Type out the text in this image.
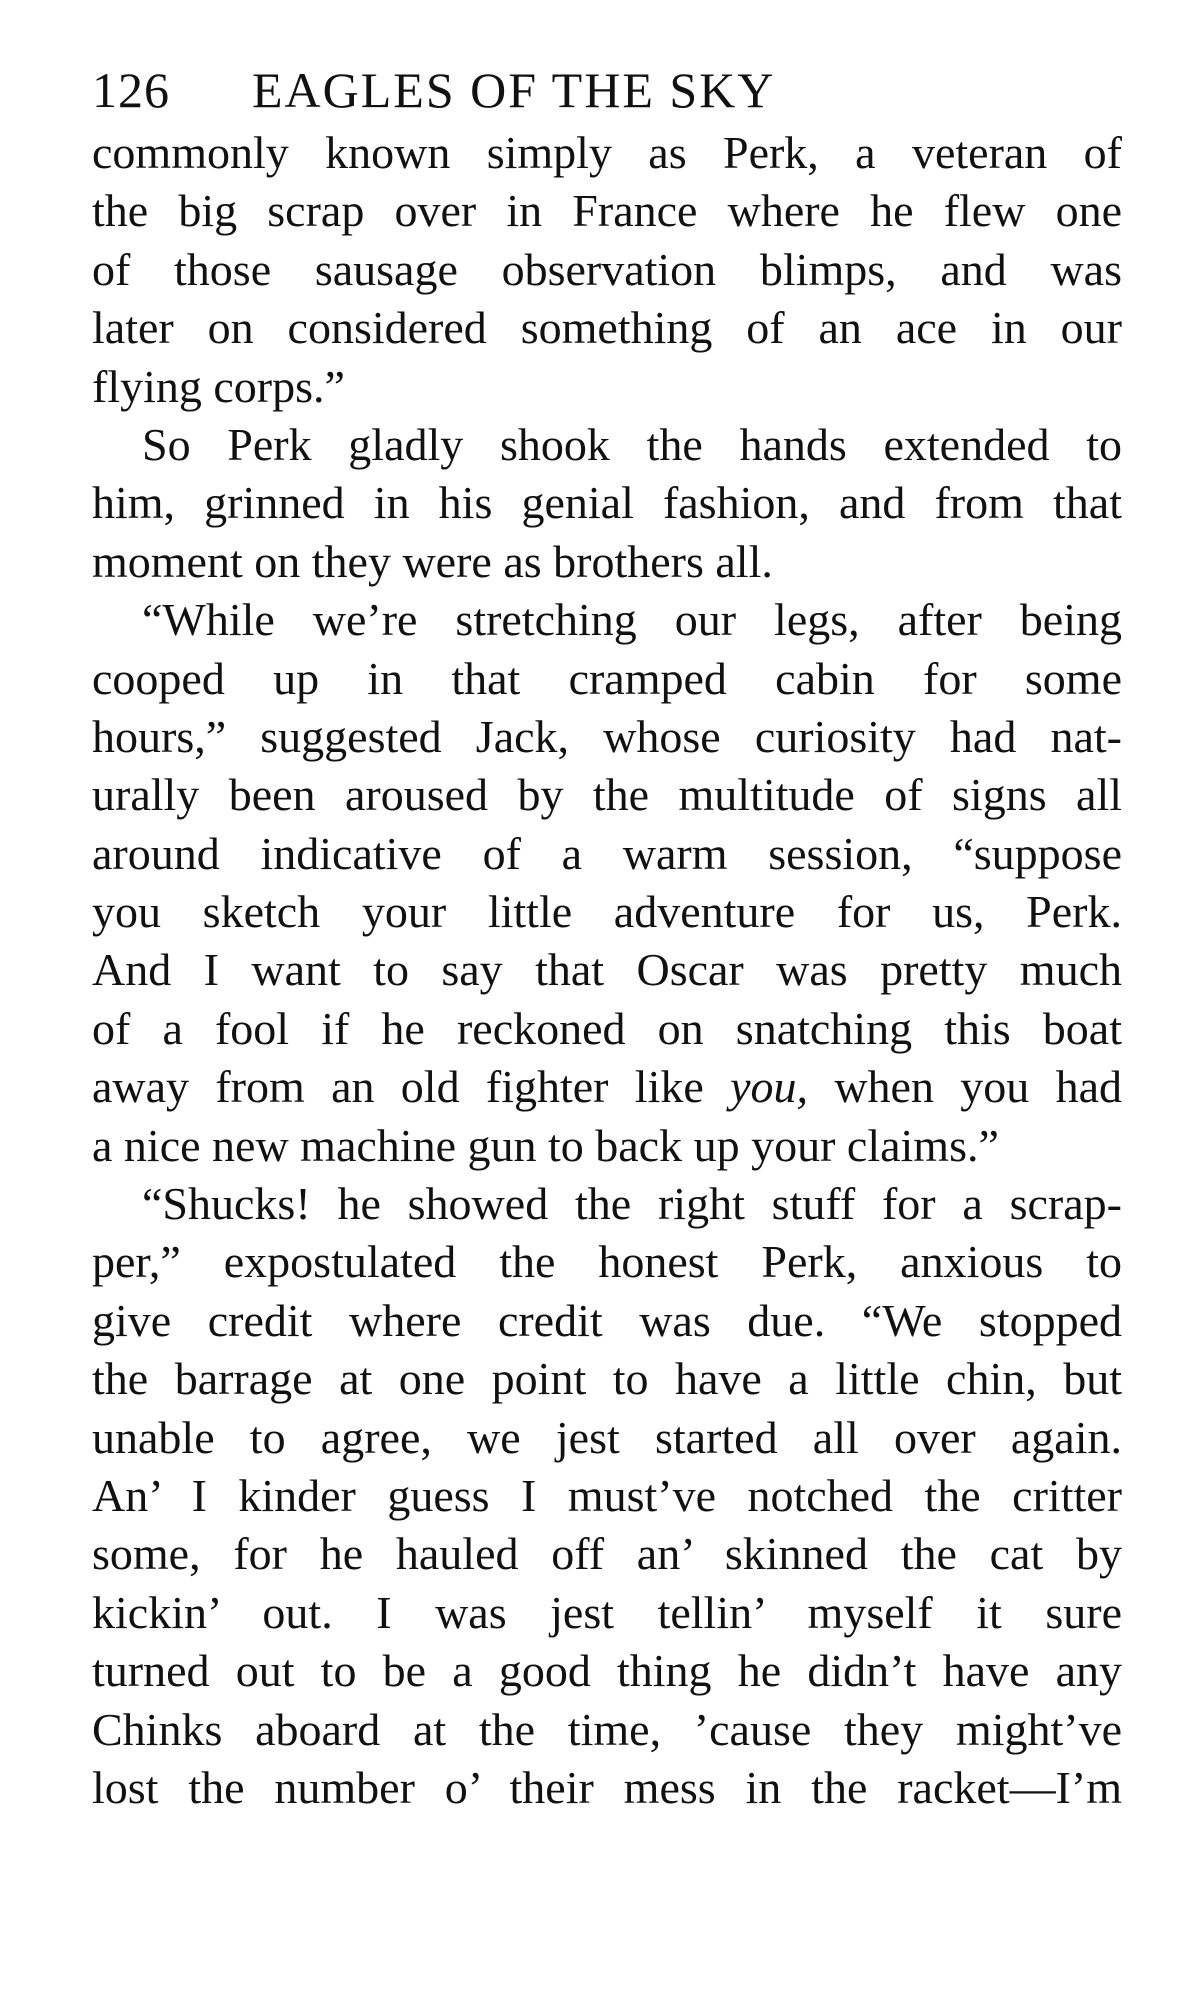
126	EAGLES OF THE SKY
commonly known simply as Perk, a veteran of
the big scrap over in France where he flew one
of those sausage observation blimps, and was
later on considered something of an ace in our
flying corps.”
So Perk gladly shook the hands extended to
him, grinned in his genial fashion, and from that
moment on they were as brothers all.
“While we’re stretching our legs, after being
cooped up in that cramped cabin for some
hours,” suggested Jack, whose curiosity had nat-
urally been aroused by the multitude of signs all
around indicative of a warm session, “suppose
you sketch your little adventure for us, Perk.
And I want to say that Oscar was pretty much
of a fool if he reckoned on snatching this boat
away from an old fighter like you, when you had
a nice new machine gun to back up your claims.”
“Shucks! he showed the right stuff for a scrap-
per,” expostulated the honest Perk, anxious to
give credit where credit was due. “We stopped
the barrage at one point to have a little chin, but
unable to agree, we jest started all over again.
An’ I kinder guess I must’ve notched the critter
some, for he hauled off an’ skinned the cat by
kickin’ out. I was jest tellin’ myself it sure
turned out to be a good thing he didn’t have any
Chinks aboard at the time, ’cause they might’ve
lost the number o’ their mess in the racket—I’m
